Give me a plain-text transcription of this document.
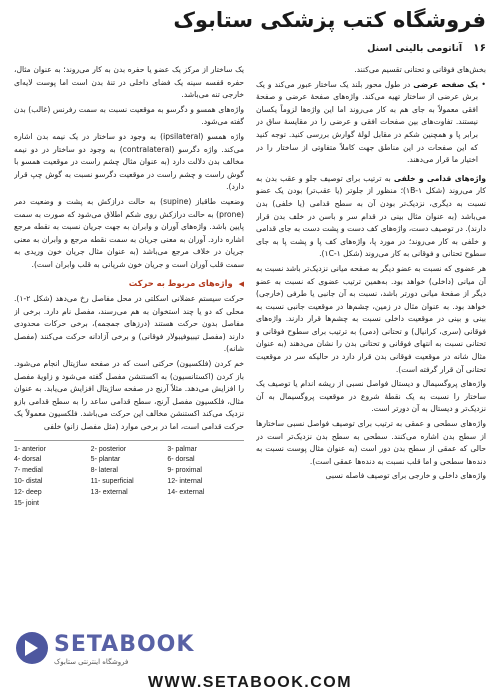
فروشگاه کتب پزشکی ستابوک
۱۶ آناتومی بالینی اسنل

بخش‌های فوقانی و تحتانی تقسیم می‌کنند.

• یک صفحه عرضی در طول محور بلند یک ساختار عبور می‌کند و یک برش عرضی از ساختار تهیه می‌کند. واژه‌های صفحهٔ عرضی و صفحهٔ افقی معمولاً به جای هم به کار می‌روند اما این واژه‌ها لزوماً یکسان نیستند. تفاوت‌های بین صفحات افقی و عرضی را در مقایسهٔ ساق در برابر پا و همچنین شکم در مقابل لولهٔ گوارش بررسی کنید. توجه کنید که این صفحات در این مناطق جهت کاملاً متفاوتی از ساختار را در اختیار ما قرار می‌دهند.

واژه‌های قدامی و خلفی به ترتیب برای توصیف جلو و عقب بدن به کار می‌روند (شکل ۱B-۱)؛ منظور از جلوتر (یا عقب‌تر) بودن یک عضو نسبت به دیگری، نزدیک‌تر بودن آن به سطح قدامی (یا خلفی) بدن می‌باشد (به عنوان مثال بینی در قدام سر و باسن در خلف بدن قرار دارند). در توصیف دست، واژه‌های کف دست و پشت دست به جای قدامی و خلفی به کار می‌روند؛ در مورد پا، واژه‌های کف پا و پشت پا به جای سطوح تحتانی و فوقانی به کار می‌روند (شکل ۱C-۱).

هر عضوی که نسبت به عضو دیگر به صفحه میانی نزدیک‌تر باشد نسبت به آن میانی (داخلی) خواهد بود. به‌همین ترتیب عضوی که نسبت به عضو دیگر از صفحهٔ میانی دورتر باشد، نسبت به آن جانبی یا طرفی (خارجی) خواهد بود. به عنوان مثال در زمین، چشم‌ها در موقعیت جانبی نسبت به بینی و بینی در موقعیت داخلی نسبت به چشم‌ها قرار دارند. واژه‌های فوقانی (سری، کرانیال) و تحتانی (دمی) به ترتیب برای سطوح فوقانی و تحتانی نسبت به انتهای فوقانی و تحتانی بدن را نشان می‌دهند (به عنوان مثال شانه در موقعیت فوقانی بدن قرار دارد در حالیکه سر در موقعیت تحتانی آن قرار گرفته است).

واژه‌های پروگسیمال و دیستال فواصل نسبی از ریشه اندام یا توصیف یک ساختار را نسبت به یک نقطهٔ شروع در موقعیت پروگسیمال به آن نزدیک‌تر و دیستال به آن دورتر است.

واژه‌های سطحی و عمقی به ترتیب برای توصیف فواصل نسبی ساختارها از سطح بدن اشاره می‌کنند. سطحی به سطح بدن نزدیک‌تر است در حالی که عمقی از سطح بدن دور است (به عنوان مثال پوست نسبت به دنده‌ها سطحی و اما قلب نسبت به دنده‌ها عمقی است).

واژه‌های داخلی و خارجی برای توصیف فاصله نسبی

یک ساختار از مرکز یک عضو یا حفره بدن به کار می‌روند؛ به عنوان مثال، حفره قفسه سینه یک فضای داخلی در تنهٔ بدن است اما پوست لایه‌ای خارجی تنه می‌باشد.

واژه‌های همسو و دگرسو به موقعیت نسبت به سمت رفرنس (غالب) بدن گفته می‌شود.

واژه همسو (ipsilateral) به وجود دو ساختار در یک نیمه بدن اشاره می‌کند. واژه دگرسو (contralateral) به وجود دو ساختار در دو نیمه مخالف بدن دلالت دارد (به عنوان مثال چشم راست در موقعیت همسو با گوش راست و چشم راست در موقعیت دگرسو نسبت به گوش چپ قرار دارد).

وضعیت طاقباز (supine) به حالت درازکش به پشت و وضعیت دمر (prone) به حالت درازکش روی شکم اطلاق می‌شود که صورت به سمت پایین باشد. واژه‌های آوران و وابران به جهت جریان نسبت به نقطه مرجع اشاره دارد. آوران به معنی جریان به سمت نقطه مرجع و وابران به معنی جریان در خلاف مرجع می‌باشد (به عنوان مثال جریان خون وریدی به سمت قلب آوران است و جریان خون شریانی به قلب وابران است).

◀ واژه‌های مربوط به حرکت

حرکت سیستم عضلانی اسکلتی در محل مفاصل رخ می‌دهد (شکل ۲-۱). محلی که دو یا چند استخوان به هم می‌رسند، مفصل نام دارد. برخی از مفاصل بدون حرکت هستند (درزهای جمجمه)، برخی حرکات محدودی دارند (مفصل تیبیوفیبولار فوقانی) و برخی آزادانه حرکت می‌کنند (مفصل شانه).

خم کردن (فلکسیون) حرکتی است که در صفحه ساژیتال انجام می‌شود. باز کردن (اکستانسیون) به اکستنشن مفصل گفته می‌شود و زاویهٔ مفصل را افزایش می‌دهد. مثلاً آرنج در صفحه ساژیتال افزایش می‌یابد. به عنوان مثال، فلکسیون مفصل آرنج، سطح قدامی ساعد را به سطح قدامی بازو نزدیک می‌کند اکستنشن مخالف این حرکت می‌باشد. فلکسیون معمولاً یک حرکت قدامی است، اما در برخی موارد (مثل مفصل زانو) خلفی

1- anterior	2- posterior	3- palmar
4- dorsal	5- plantar	6- dorsal
7- medial	8- lateral	9- proximal
10- distal	11- superficial	12- internal
12- deep	13- external	14- external
15- joint
SETABOOK
فروشگاه اینترنتی ستابوک
WWW.SETABOOK.COM
